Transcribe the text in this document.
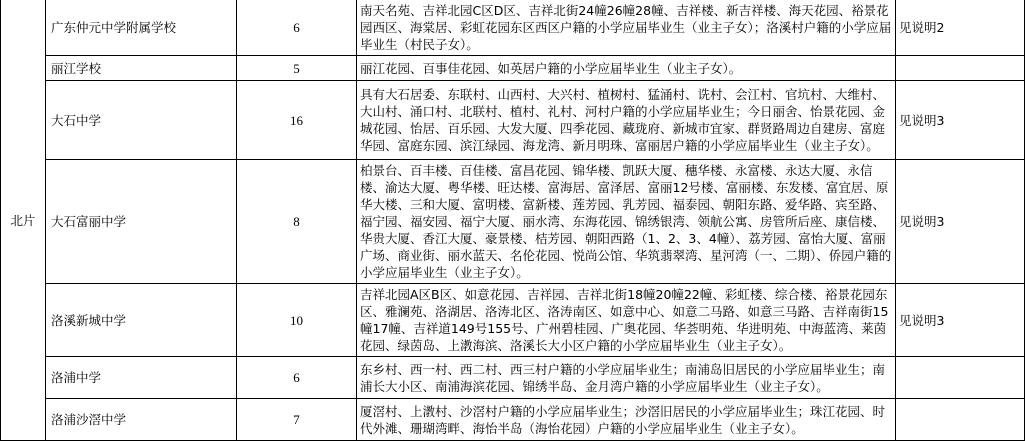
北片	广东仲元中学附属学校	6	南天名苑、吉祥北园C区D区、吉祥北街24幢26幢28幢、吉祥楼、新吉祥楼、海天花园、裕景花园西区、海棠居、彩虹花园东区西区户籍的小学应届毕业生（业主子女）；洛溪村户籍的小学应届毕业生（村民子女）。	见说明2
	丽江学校	5	丽江花园、百事佳花园、如英居户籍的小学应届毕业生（业主子女）。	
	大石中学	16	具有大石居委、东联村、山西村、大兴村、植树村、猛涌村、诜村、会江村、官坑村、大维村、大山村、涌口村、北联村、植村、礼村、河村户籍的小学应届毕业生；今日丽舍、怡景花园、金城花园、怡居、百乐园、大发大厦、四季花园、藏珑府、新城市宜家、群贤路周边自建房、富庭华园、富庭东园、滨江绿园、海龙湾、新月明珠、富丽居户籍的小学应届毕业生（业主子女）。	见说明3
	大石富丽中学	8	柏景台、百丰楼、百佳楼、富昌花园、锦华楼、凯跃大厦、穗华楼、永富楼、永达大厦、永信楼、渝达大厦、粤华楼、旺达楼、富海居、富泽居、富丽12号楼、富丽楼、东发楼、富宜居、原华大楼、三和大厦、富明楼、富新楼、莲芳园、乳芳园、福泰园、朝阳东路、爱华路、宾至路、福宁园、福安园、福宁大厦、丽水湾、东海花园、锦绣银湾、领航公寓、房管所后座、康信楼、华贵大厦、香江大厦、豪景楼、桔芳园、朝阳西路（1、2、3、4幢）、荔芳园、富怡大厦、富丽广场、商业街、丽水蓝天、名伦花园、悦尚公馆、华筑翡翠湾、星河湾（一、二期）、侨园户籍的小学应届毕业生（业主子女）。	见说明3
	洛溪新城中学	10	吉祥北园A区B区、如意花园、吉祥园、吉祥北街18幢20幢22幢、彩虹楼、综合楼、裕景花园东区、雅澜苑、洛湖居、洛涛北区、洛涛南区、如意中心、如意二马路、如意三马路、吉祥南街15幢17幢、吉祥道149号155号、广州碧桂园、广奥花园、华荟明苑、华进明苑、中海蓝湾、莱茵花园、绿茵岛、上漖海滨、洛溪长大小区户籍的小学应届毕业生（业主子女）。	见说明3
	洛浦中学	6	东乡村、西一村、西二村、西三村户籍的小学应届毕业生；南浦岛旧居民的小学应届毕业生；南浦长大小区、南浦海滨花园、锦绣半岛、金月湾户籍的小学应届毕业生（业主子女）。	
	洛浦沙滘中学	7	厦滘村、上漖村、沙滘村户籍的小学应届毕业生；沙滘旧居民的小学应届毕业生；珠江花园、时代外滩、珊瑚湾畔、海怡半岛（海怡花园）户籍的小学应届毕业生（业主子女）。	
